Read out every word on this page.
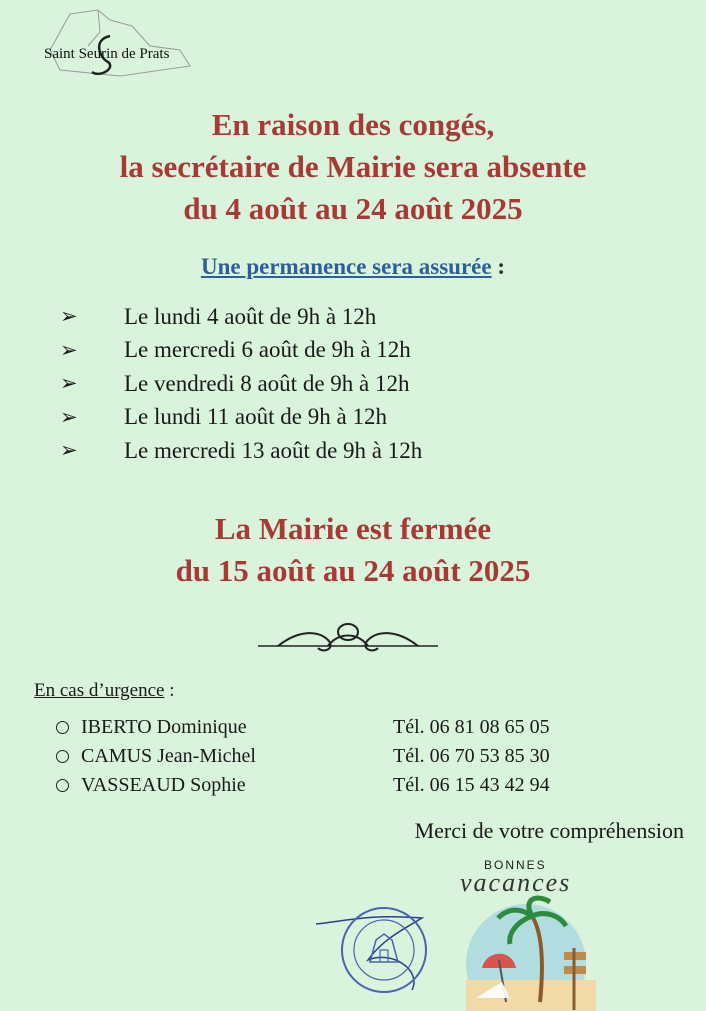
Saint Seurin de Prats
En raison des congés,
la secrétaire de Mairie sera absente
du 4 août au 24 août 2025
Une permanence sera assurée :
➢	Le lundi 4 août de 9h à 12h
➢	Le mercredi 6 août de 9h à 12h
➢	Le vendredi 8 août de 9h à 12h
➢	Le lundi 11 août de 9h à 12h
➢	Le mercredi 13 août de 9h à 12h
La Mairie est fermée
du 15 août au 24 août 2025
En cas d’urgence :
IBERTO Dominique	Tél. 06 81 08 65 05
CAMUS Jean-Michel	Tél. 06 70 53 85 30
VASSEAUD Sophie	Tél. 06 15 43 42 94
Merci de votre compréhension
BONNES
vacances
